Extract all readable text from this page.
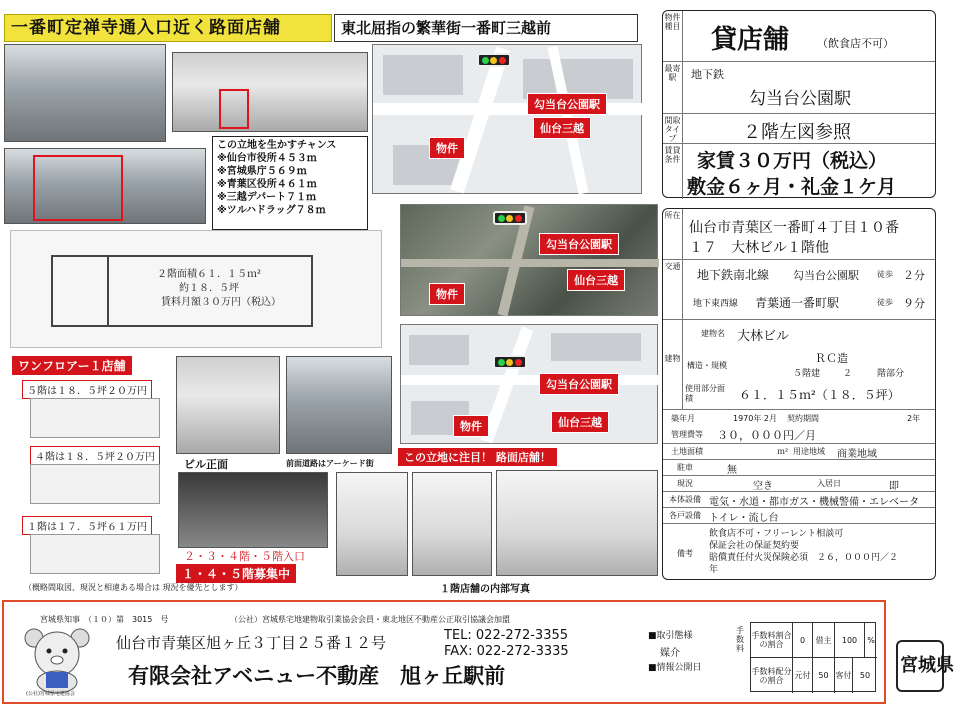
一番町定禅寺通入口近く路面店舗	東北屈指の繁華街一番町三越前
この立地を生かすチャンス
※仙台市役所４５３ｍ
※宮城県庁５６９ｍ
※青葉区役所４６１ｍ
※三越デパート７１ｍ
※ツルハドラッグ７８ｍ
勾当台公園駅
仙台三越
物件
勾当台公園駅
仙台三越
物件
勾当台公園駅
仙台三越
物件
２階面積６１．１５ｍ²
約１８．５坪
賃料月額３０万円（税込）
ワンフロアー１店舗
５階は１８．５坪２０万円
４階は１８．５坪２０万円
１階は１７．５坪６１万円
ビル正面	前面道路はアーケード街	この立地に注目！ 路面店舗！
２・３・４階・５階入口
１・４・５階募集中
１階店舗の内部写真
（概略間取図、現況と相違ある場合は 現況を優先とします）
物件種目 貸店舗	（飲食店不可）
最寄駅	地下鉄
勾当台公園駅
間取タイプ	２階左図参照
賃貸条件 家賃３０万円（税込）
敷金６ヶ月・礼金１ケ月
所在
仙台市青葉区一番町４丁目１０番
１７　大林ビル１階他
交通
地下鉄南北線 勾当台公園駅 徒歩 ２分
地下東西線 青葉通一番町駅	徒歩 ９分
建物
建物名 大林ビル
構造・規模
ＲＣ造
５階建	２	階部分
使用部分面積	６１．１５ｍ²（１８．５坪）
築年月	1970年 2月 契約期間	2年
管理費等 ３０，０００円／月
土地面積	ｍ² 用途地域 商業地域
駐車	無
現況	空き	入居日	即
本体設備 電気・水道・都市ガス・機械警備・エレベータ
各戸設備 トイレ・流し台
備考
飲食店不可・フリーレント相談可
保証会社の保証契約要
賠償責任付火災保険必須　２６，０００円／２
年
宮城県知事　（１０）第　3015　号	（公社）宮城県宅地建物取引業協会会員・東北地区不動産公正取引協議会加盟
(公社)宮城県宅建協会
仙台市青葉区旭ヶ丘３丁目２５番１２号	TEL: 022-272-3355
FAX: 022-272-3335
有限会社アベニュー不動産　旭ヶ丘駅前
■取引態様
媒介
■情報公開日
手数料
手数料割合の割合	0	借主	100	%
手数料配分の割合	元付 50 客付	50	宮城県
